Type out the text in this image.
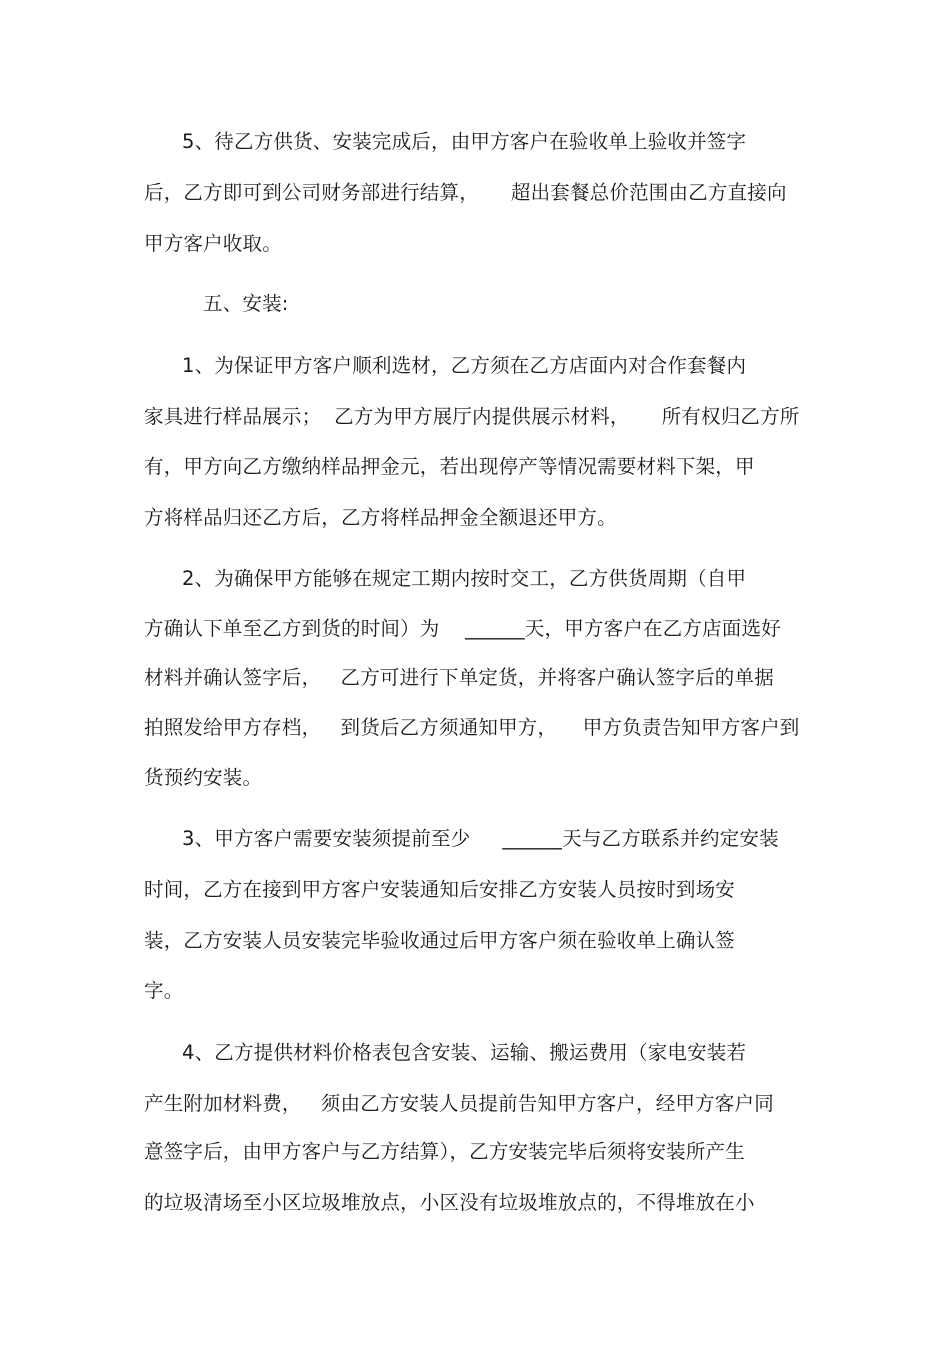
5、待乙方供货、安装完成后，由甲方客户在验收单上验收并签字
后，乙方即可到公司财务部进行结算，     超出套餐总价范围由乙方直接向
甲方客户收取。
五、安装:
1、为保证甲方客户顺利选材，乙方须在乙方店面内对合作套餐内
家具进行样品展示；  乙方为甲方展厅内提供展示材料，     所有权归乙方所
有，甲方向乙方缴纳样品押金元，若出现停产等情况需要材料下架，甲
方将样品归还乙方后，乙方将样品押金全额退还甲方。
2、为确保甲方能够在规定工期内按时交工，乙方供货周期（自甲
方确认下单至乙方到货的时间）为    ______天，甲方客户在乙方店面选好
材料并确认签字后，   乙方可进行下单定货，并将客户确认签字后的单据
拍照发给甲方存档，   到货后乙方须通知甲方，    甲方负责告知甲方客户到
货预约安装。
3、甲方客户需要安装须提前至少     ______天与乙方联系并约定安装
时间，乙方在接到甲方客户安装通知后安排乙方安装人员按时到场安
装，乙方安装人员安装完毕验收通过后甲方客户须在验收单上确认签
字。
4、乙方提供材料价格表包含安装、运输、搬运费用（家电安装若
产生附加材料费，   须由乙方安装人员提前告知甲方客户，经甲方客户同
意签字后，由甲方客户与乙方结算），乙方安装完毕后须将安装所产生
的垃圾清场至小区垃圾堆放点，小区没有垃圾堆放点的，不得堆放在小
